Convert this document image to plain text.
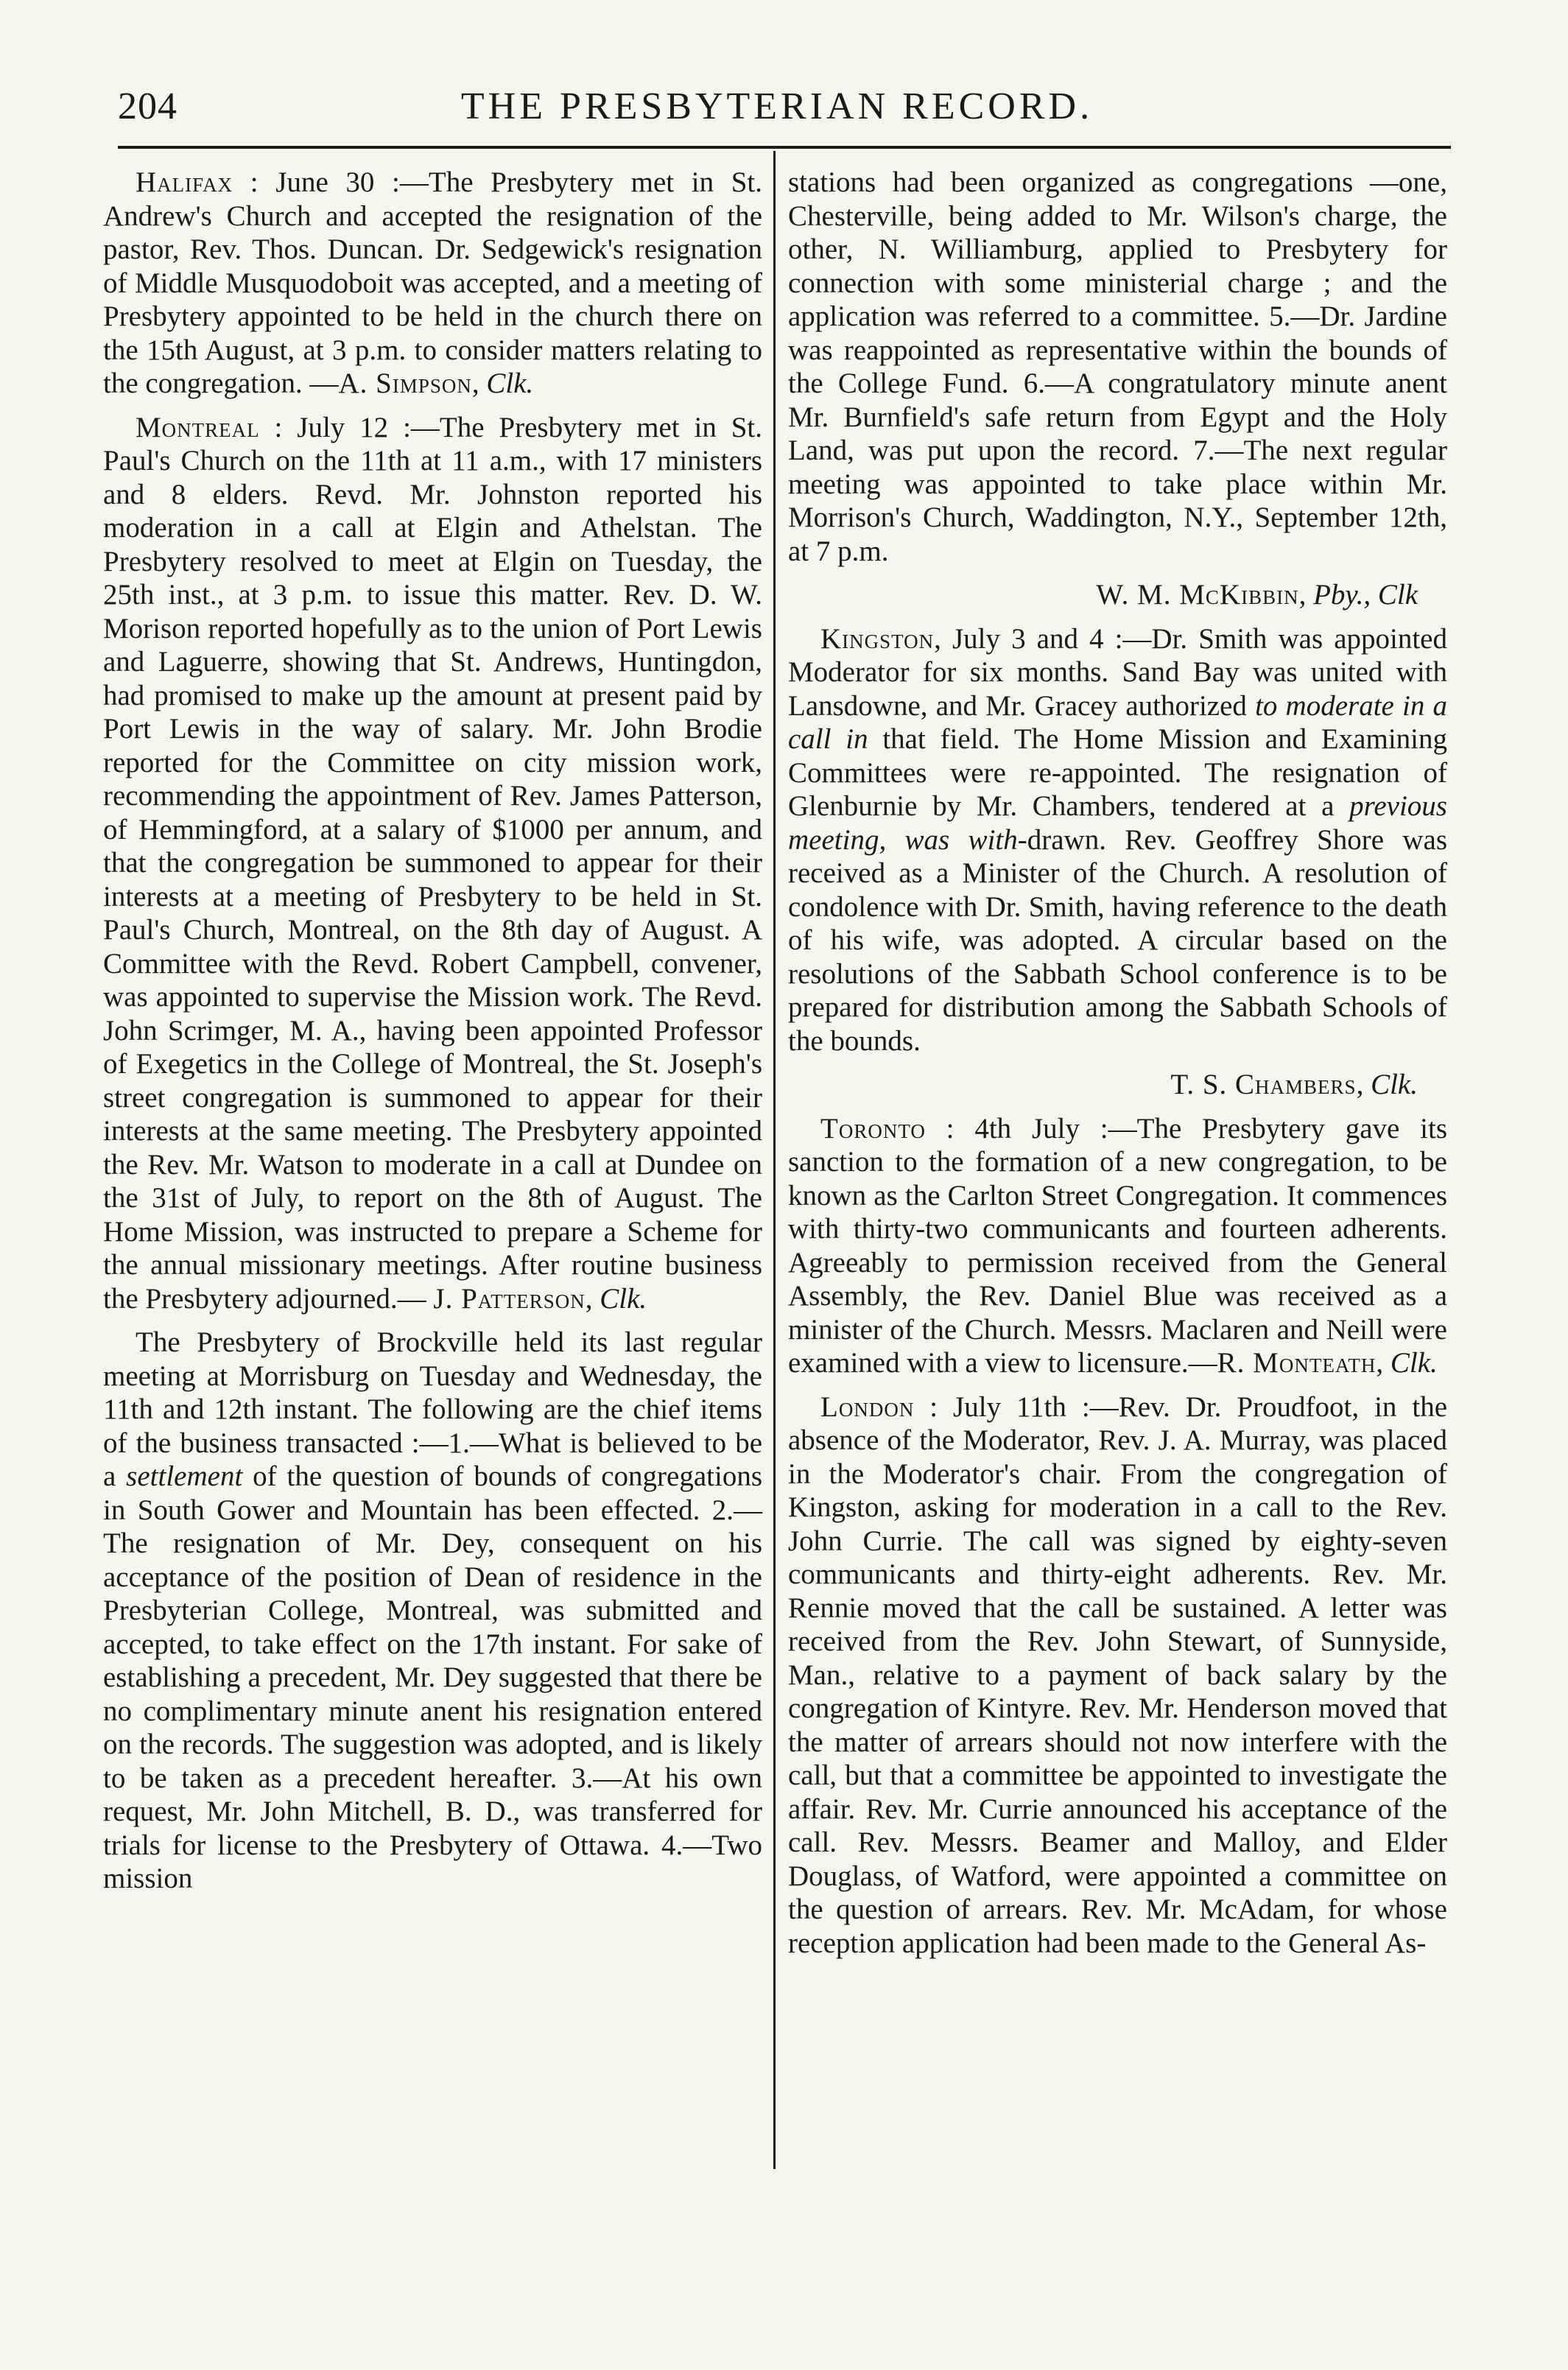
204	THE PRESBYTERIAN RECORD.

Halifax : June 30 :—The Presbytery met in St. Andrew's Church and accepted the resignation of the pastor, Rev. Thos. Duncan. Dr. Sedgewick's resignation of Middle Musquodoboit was accepted, and a meeting of Presbytery appointed to be held in the church there on the 15th August, at 3 p.m. to consider matters relating to the congregation. —A. Simpson, Clk.

Montreal : July 12 :—The Presbytery met in St. Paul's Church on the 11th at 11 a.m., with 17 ministers and 8 elders. Revd. Mr. Johnston reported his moderation in a call at Elgin and Athelstan. The Presbytery resolved to meet at Elgin on Tuesday, the 25th inst., at 3 p.m. to issue this matter. Rev. D. W. Morison reported hopefully as to the union of Port Lewis and Laguerre, showing that St. Andrews, Huntingdon, had promised to make up the amount at present paid by Port Lewis in the way of salary. Mr. John Brodie reported for the Committee on city mission work, recommending the appointment of Rev. James Patterson, of Hemmingford, at a salary of $1000 per annum, and that the congregation be summoned to appear for their interests at a meeting of Presbytery to be held in St. Paul's Church, Montreal, on the 8th day of August. A Committee with the Revd. Robert Campbell, convener, was appointed to supervise the Mission work. The Revd. John Scrimger, M. A., having been appointed Professor of Exegetics in the College of Montreal, the St. Joseph's street congregation is summoned to appear for their interests at the same meeting. The Presbytery appointed the Rev. Mr. Watson to moderate in a call at Dundee on the 31st of July, to report on the 8th of August. The Home Mission, was instructed to prepare a Scheme for the annual missionary meetings. After routine business the Presbytery adjourned.— J. Patterson, Clk.

The Presbytery of Brockville held its last regular meeting at Morrisburg on Tuesday and Wednesday, the 11th and 12th instant. The following are the chief items of the business transacted :—1.—What is believed to be a settlement of the question of bounds of congregations in South Gower and Mountain has been effected. 2.—The resignation of Mr. Dey, consequent on his acceptance of the position of Dean of residence in the Presbyterian College, Montreal, was submitted and accepted, to take effect on the 17th instant. For sake of establishing a precedent, Mr. Dey suggested that there be no complimentary minute anent his resignation entered on the records. The suggestion was adopted, and is likely to be taken as a precedent hereafter. 3.—At his own request, Mr. John Mitchell, B. D., was transferred for trials for license to the Presbytery of Ottawa. 4.—Two mission

stations had been organized as congregations —one, Chesterville, being added to Mr. Wilson's charge, the other, N. Williamburg, applied to Presbytery for connection with some ministerial charge ; and the application was referred to a committee. 5.—Dr. Jardine was reappointed as representative within the bounds of the College Fund. 6.—A congratulatory minute anent Mr. Burnfield's safe return from Egypt and the Holy Land, was put upon the record. 7.—The next regular meeting was appointed to take place within Mr. Morrison's Church, Waddington, N.Y., September 12th, at 7 p.m.

W. M. McKibbin, Pby., Clk

Kingston, July 3 and 4 :—Dr. Smith was appointed Moderator for six months. Sand Bay was united with Lansdowne, and Mr. Gracey authorized to moderate in a call in that field. The Home Mission and Examining Committees were re-appointed. The resignation of Glenburnie by Mr. Chambers, tendered at a previous meeting, was with-drawn. Rev. Geoffrey Shore was received as a Minister of the Church. A resolution of condolence with Dr. Smith, having reference to the death of his wife, was adopted. A circular based on the resolutions of the Sabbath School conference is to be prepared for distribution among the Sabbath Schools of the bounds.

T. S. Chambers, Clk.

Toronto : 4th July :—The Presbytery gave its sanction to the formation of a new congregation, to be known as the Carlton Street Congregation. It commences with thirty-two communicants and fourteen adherents. Agreeably to permission received from the General Assembly, the Rev. Daniel Blue was received as a minister of the Church. Messrs. Maclaren and Neill were examined with a view to licensure.—R. Monteath, Clk.

London : July 11th :—Rev. Dr. Proudfoot, in the absence of the Moderator, Rev. J. A. Murray, was placed in the Moderator's chair. From the congregation of Kingston, asking for moderation in a call to the Rev. John Currie. The call was signed by eighty-seven communicants and thirty-eight adherents. Rev. Mr. Rennie moved that the call be sustained. A letter was received from the Rev. John Stewart, of Sunnyside, Man., relative to a payment of back salary by the congregation of Kintyre. Rev. Mr. Henderson moved that the matter of arrears should not now interfere with the call, but that a committee be appointed to investigate the affair. Rev. Mr. Currie announced his acceptance of the call. Rev. Messrs. Beamer and Malloy, and Elder Douglass, of Watford, were appointed a committee on the question of arrears. Rev. Mr. McAdam, for whose reception application had been made to the General As-
